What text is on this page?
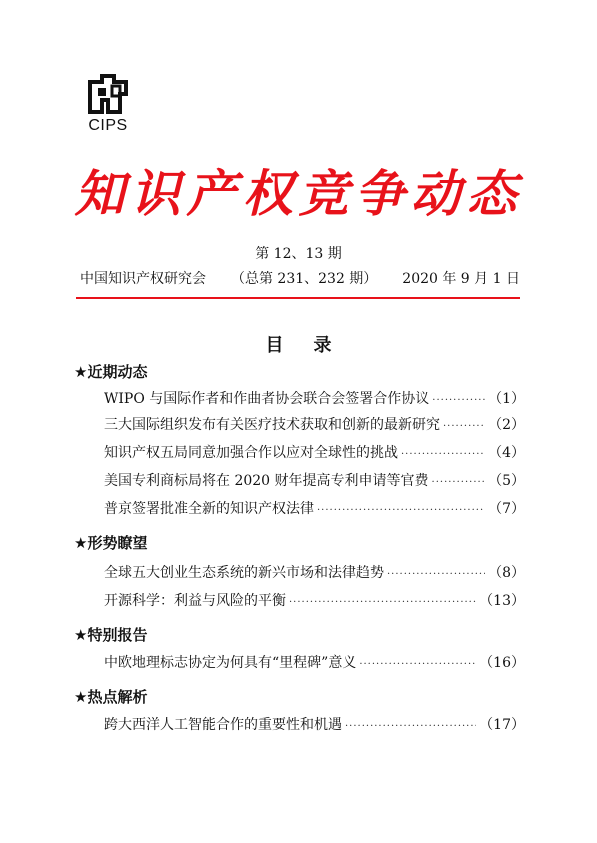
CIPS
知识产权竞争动态
第 12、13 期
中国知识产权研究会 （总第 231、232 期） 2020 年 9 月 1 日
目录
★近期动态
WIPO 与国际作者和作曲者协会联合会签署合作协议 ·····	（1）
三大国际组织发布有关医疗技术获取和创新的最新研究 ·····	（2）
知识产权五局同意加强合作以应对全球性的挑战 ·····	（4）
美国专利商标局将在 2020 财年提高专利申请等官费 ·····	（5）
普京签署批准全新的知识产权法律 ·····	（7）
★形势瞭望
全球五大创业生态系统的新兴市场和法律趋势 ·····	（8）
开源科学：利益与风险的平衡 ·····	（13）
★特别报告
中欧地理标志协定为何具有“里程碑”意义 ·····	（16）
★热点解析
跨大西洋人工智能合作的重要性和机遇 ·····	（17）
